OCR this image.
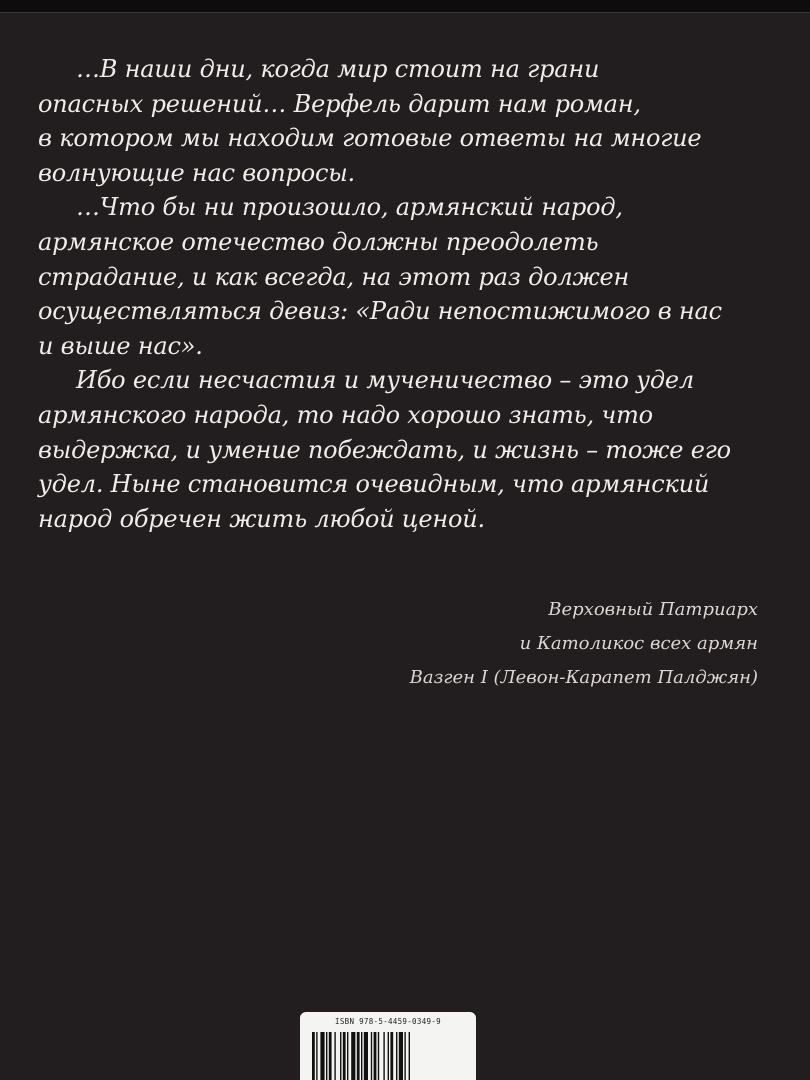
…В наши дни, когда мир стоит на грани
опасных решений… Верфель дарит нам роман,
в котором мы находим готовые ответы на многие
волнующие нас вопросы.
…Что бы ни произошло, армянский народ,
армянское отечество должны преодолеть
страдание, и как всегда, на этот раз должен
осуществляться девиз: «Ради непостижимого в нас
и выше нас».
Ибо если несчастия и мученичество – это удел
армянского народа, то надо хорошо знать, что
выдержка, и умение побеждать, и жизнь – тоже его
удел. Ныне становится очевидным, что армянский
народ обречен жить любой ценой.
Верховный Патриарх
и Католикос всех армян
Вазген I (Левон-Карапет Палджян)
ISBN 978-5-4459-0349-9
